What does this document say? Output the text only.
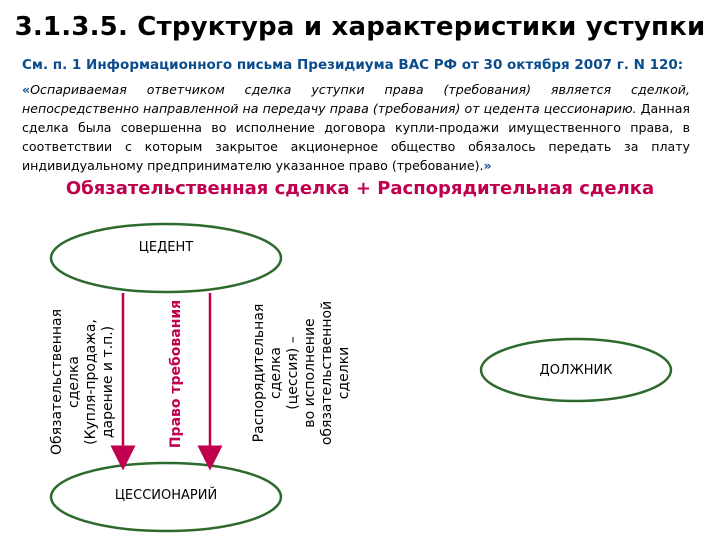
3.1.3.5. Структура и характеристики уступки
См. п. 1 Информационного письма Президиума ВАС РФ от 30 октября 2007 г. N 120:
«Оспариваемая ответчиком сделка уступки права (требования) является сделкой, непосредственно направленной на передачу права (требования) от цедента цессионарию. Данная сделка была совершенна во исполнение договора купли-продажи имущественного права, в соответствии с которым закрытое акционерное общество обязалось передать за плату индивидуальному предпринимателю указанное право (требование).»
Обязательственная сделка + Распорядительная сделка
ЦЕДЕНТ
ЦЕССИОНАРИЙ
ДОЛЖНИК
Обязательственная сделка (Купля-продажа, дарение и т.п.)	Право требования	Распорядительная сделка (цессия) – во исполнение обязательственной сделки
